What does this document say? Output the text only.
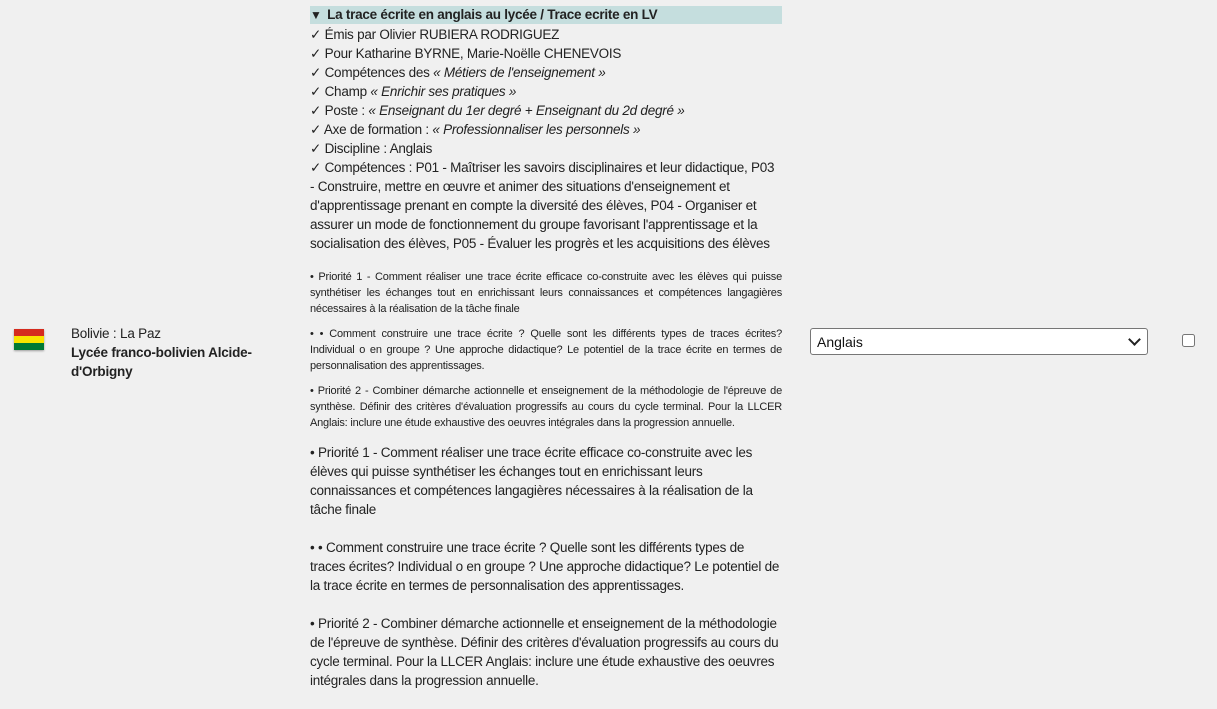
Bolivie : La Paz
Lycée franco-bolivien Alcide-d'Orbigny
▼ La trace écrite en anglais au lycée / Trace ecrite en LV
✓ Émis par Olivier RUBIERA RODRIGUEZ
✓ Pour Katharine BYRNE, Marie-Noëlle CHENEVOIS
✓ Compétences des « Métiers de l'enseignement »
✓ Champ « Enrichir ses pratiques »
✓ Poste : « Enseignant du 1er degré + Enseignant du 2d degré »
✓ Axe de formation : « Professionnaliser les personnels »
✓ Discipline : Anglais
✓ Compétences : P01 - Maîtriser les savoirs disciplinaires et leur didactique, P03 - Construire, mettre en œuvre et animer des situations d'enseignement et d'apprentissage prenant en compte la diversité des élèves, P04 - Organiser et assurer un mode de fonctionnement du groupe favorisant l'apprentissage et la socialisation des élèves, P05 - Évaluer les progrès et les acquisitions des élèves

• Priorité 1 - Comment réaliser une trace écrite efficace co-construite avec les élèves qui puisse synthétiser les échanges tout en enrichissant leurs connaissances et compétences langagières nécessaires à la réalisation de la tâche finale

• • Comment construire une trace écrite ? Quelle sont les différents types de traces écrites? Individual o en groupe ? Une approche didactique? Le potentiel de la trace écrite en termes de personnalisation des apprentissages.

• Priorité 2 - Combiner démarche actionnelle et enseignement de la méthodologie de l'épreuve de synthèse. Définir des critères d'évaluation progressifs au cours du cycle terminal. Pour la LLCER Anglais: inclure une étude exhaustive des oeuvres intégrales dans la progression annuelle.

• Priorité 1 - Comment réaliser une trace écrite efficace co-construite avec les élèves qui puisse synthétiser les échanges tout en enrichissant leurs connaissances et compétences langagières nécessaires à la réalisation de la tâche finale

• • Comment construire une trace écrite ? Quelle sont les différents types de traces écrites? Individual o en groupe ? Une approche didactique? Le potentiel de la trace écrite en termes de personnalisation des apprentissages.

• Priorité 2 - Combiner démarche actionnelle et enseignement de la méthodologie de l'épreuve de synthèse. Définir des critères d'évaluation progressifs au cours du cycle terminal. Pour la LLCER Anglais: inclure une étude exhaustive des oeuvres intégrales dans la progression annuelle.

Anglais
